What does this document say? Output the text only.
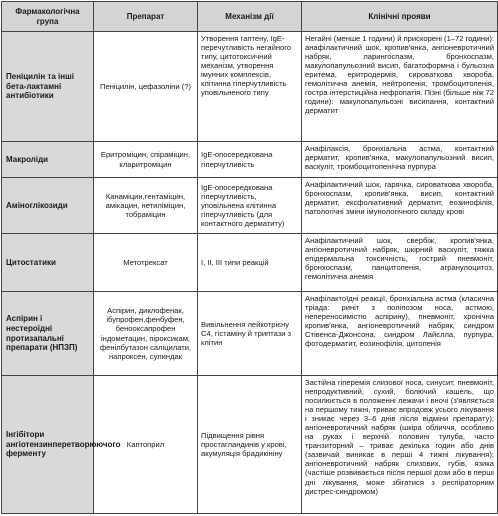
Фармакологічна група	Препарат	Механізм дії	Клінічні прояви
Пеніцилін та інші бета-лактамні антибіотики	Пеніцилін, цефазоліни (?)	Утворення гаптену, IgE-перечутливість негайного типу, цитотоксичний механізм, утворення імунних комплексів, клітинна гіперчутливість уповільненого типу	Негайні (менше 1 години) й прискорені (1–72 години): анафілактичний шок, кропив'янка, ангіоневротичний набряк, ларингоспазм, бронхоспазм, макулопапульозний висип, багатоформна і бульозна еритема, еритродермія, сироваткова хвороба, гемолітична анемія, нейтропенія, тромбоцитопенія, гостра інтерстиційна нефропатія. Пізні (більше ніж 72 години): макулопапульозні висипання, контактний дерматит
Макроліди	Еритроміцин, спіраміцин, кларитроміцин	IgE-опосередкована гіперчутливість	Анафілаксія, бронхіальна астма, контактний дерматит, кропив'янка, макулопапульозний висип, васкуліт, тромбоцитопенічна пурпура
Аміноглікозиди	Канаміцин,гентаміцин, амікацин, нетиліміцин, тобраміцин	IgE-опосередкована гіперчутливість, уповільнена клітинна гіперчутливість (для контактного дерматиту)	Анафілактичний шок, гарячка, сироваткова хвороба, бронхоспазм, кропив'янка, висип, контактний дерматит, ексфоліативний дерматит, еозинофілія, патологічні зміни імунологічного складу крові
Цитостатики	Метотрексат	I, II, III типи реакцій	Анафілактичний шок, свербіж, кропив'янка, ангіоневротичний набряк, шкірний васкуліт, тяжка епідермальна токсичність, гострий пневмоніт, бронхоспазм, панцитопенія, агранулоцитоз, гемолітична анемія
Аспірин і нестероїдні протизапальні препарати (НПЗП)	Аспірин, диклофенак, ібупрофен,фенбуфен, бенооксапрофен індометацин, піроксикам, фенілбутазон саліцилати, напроксен, сулиндак	Вивільнення лейкотрієну C4, гістаміну й триптази з клітин	Анафілактоїдні реакції, бронхіальна астма (класична тріада: риніт з поліпозом носа, астмою, непереносимістю аспірину), пневмоніт, хронічна кропив'янка, ангіоневротичний набряк, синдром Стівенса-Джонсона, синдром Лайєлла, пурпура, фотодерматит, еозинофілія, цитопенія
Інгібітори ангіотензинперетворюючого ферменту	Каптоприл	Підвищення рівня простагландинів у крові, акумуляція брадикініну	Застійна гіперемія слизової носа, синусит, пневмоніт, непродуктивний, сухий, болючий кашель, що посилюється в положенні лежачи і вночі (з'являється на першому тижні, триває впродовж усього лікування і зникає через 3–6 днів після відміни препарату); ангіоневротичний набряк (шкіра обличчя, особливо на руках і верхній половині тулуба, часто транзиторний – триває декілька годин або днів (зазвичай виникає в перші 4 тижні лікування); ангіоневротичний набряк слизових, губів, язика (частіше розвивається після першої дози або в перші дні лікування, може збігатися з респіраторним дистрес-синдромом)
